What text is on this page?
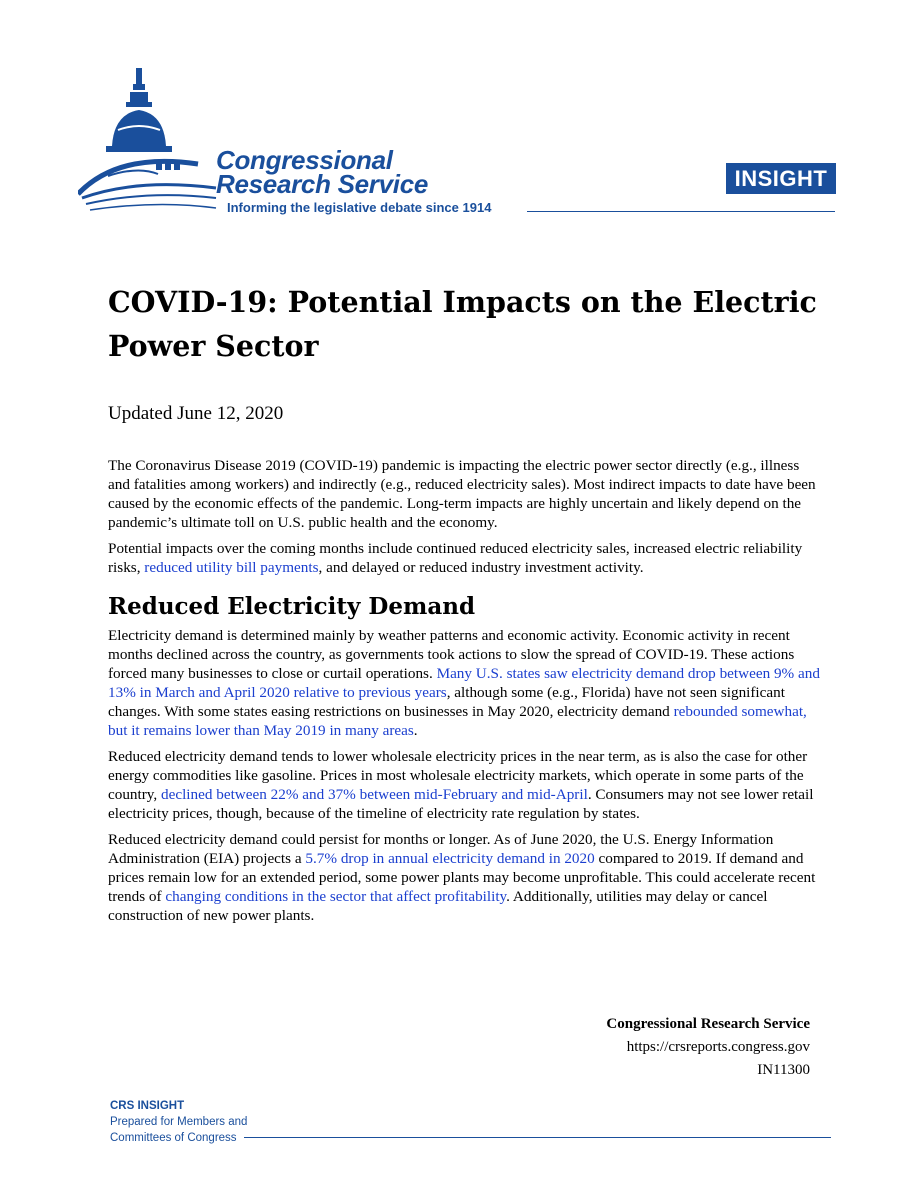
Congressional
Research Service
Informing the legislative debate since 1914
INSIGHT
COVID-19: Potential Impacts on the Electric Power Sector

Updated June 12, 2020

The Coronavirus Disease 2019 (COVID-19) pandemic is impacting the electric power sector directly (e.g., illness and fatalities among workers) and indirectly (e.g., reduced electricity sales). Most indirect impacts to date have been caused by the economic effects of the pandemic. Long-term impacts are highly uncertain and likely depend on the pandemic’s ultimate toll on U.S. public health and the economy.

Potential impacts over the coming months include continued reduced electricity sales, increased electric reliability risks, reduced utility bill payments, and delayed or reduced industry investment activity.

Reduced Electricity Demand

Electricity demand is determined mainly by weather patterns and economic activity. Economic activity in recent months declined across the country, as governments took actions to slow the spread of COVID-19. These actions forced many businesses to close or curtail operations. Many U.S. states saw electricity demand drop between 9% and 13% in March and April 2020 relative to previous years, although some (e.g., Florida) have not seen significant changes. With some states easing restrictions on businesses in May 2020, electricity demand rebounded somewhat, but it remains lower than May 2019 in many areas.

Reduced electricity demand tends to lower wholesale electricity prices in the near term, as is also the case for other energy commodities like gasoline. Prices in most wholesale electricity markets, which operate in some parts of the country, declined between 22% and 37% between mid-February and mid-April. Consumers may not see lower retail electricity prices, though, because of the timeline of electricity rate regulation by states.

Reduced electricity demand could persist for months or longer. As of June 2020, the U.S. Energy Information Administration (EIA) projects a 5.7% drop in annual electricity demand in 2020 compared to 2019. If demand and prices remain low for an extended period, some power plants may become unprofitable. This could accelerate recent trends of changing conditions in the sector that affect profitability. Additionally, utilities may delay or cancel construction of new power plants.

Congressional Research Service
https://crsreports.congress.gov
IN11300
CRS INSIGHT
Prepared for Members and
Committees of Congress
